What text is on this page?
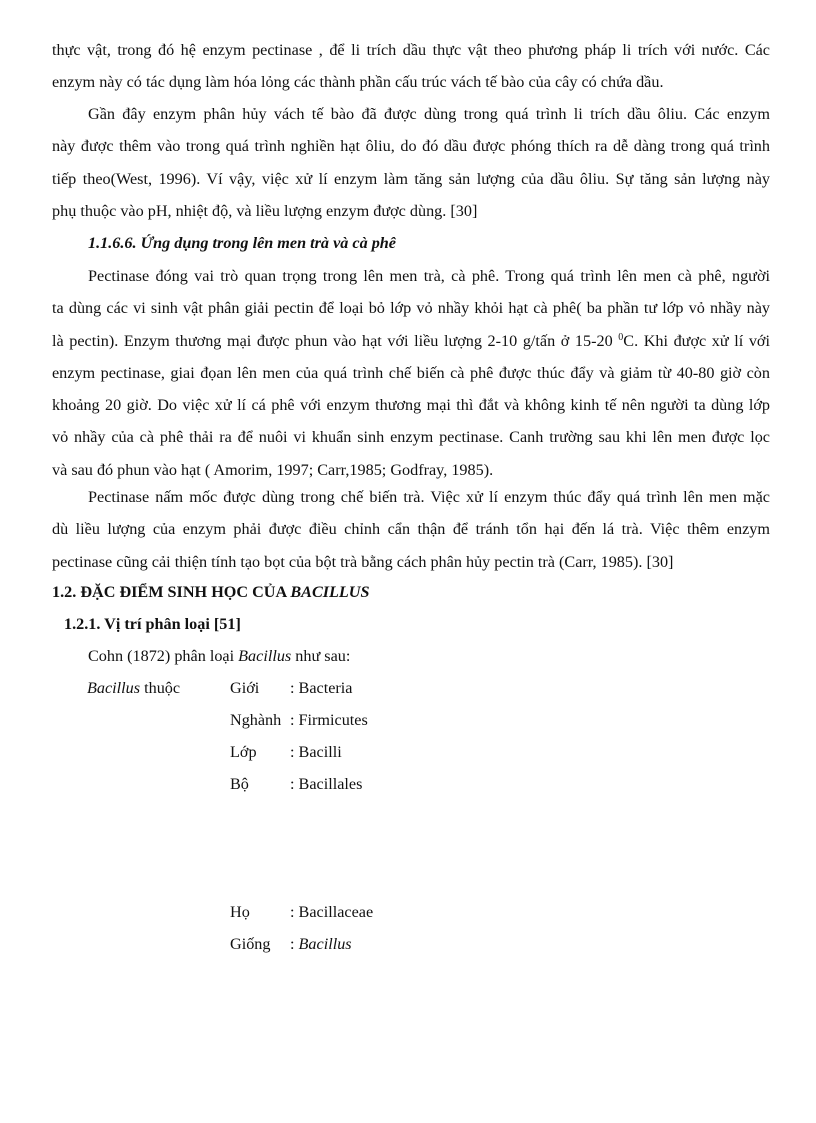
thực vật, trong đó hệ enzym pectinase , để li trích dầu thực vật theo phương pháp li trích với nước. Các
enzym này có tác dụng làm hóa lỏng các thành phần cấu trúc vách tế bào của cây có chứa dầu.

Gần đây enzym phân hủy vách tế bào đã được dùng trong quá trình li trích dầu ôliu. Các enzym
này được thêm vào trong quá trình nghiền hạt ôliu, do đó dầu được phóng thích ra dễ dàng trong quá trình
tiếp theo(West, 1996). Ví vậy, việc xử lí enzym làm tăng sản lượng của dầu ôliu. Sự tăng sản lượng này
phụ thuộc vào pH, nhiệt độ, và liều lượng enzym được dùng. [30]

1.1.6.6. Ứng dụng trong lên men trà và cà phê

Pectinase đóng vai trò quan trọng trong lên men trà, cà phê. Trong quá trình lên men cà phê, người
ta dùng các vi sinh vật phân giải pectin để loại bỏ lớp vỏ nhầy khỏi hạt cà phê( ba phần tư lớp vỏ nhầy này
là pectin). Enzym thương mại được phun vào hạt với liều lượng 2-10 g/tấn ở 15-20 $^0$C. Khi được xử lí với
enzym pectinase, giai đọan lên men của quá trình chế biến cà phê được thúc đẩy và giảm từ 40-80 giờ còn
khoảng 20 giờ. Do việc xử lí cá phê với enzym thương mại thì đắt và không kinh tế nên người ta dùng lớp
vỏ nhầy của cà phê thải ra để nuôi vi khuẩn sinh enzym pectinase. Canh trường sau khi lên men được lọc
và sau đó phun vào hạt ( Amorim, 1997; Carr,1985; Godfray, 1985).

Pectinase nấm mốc được dùng trong chế biến trà. Việc xử lí enzym thúc đẩy quá trình lên men mặc
dù liều lượng của enzym phải được điều chỉnh cẩn thận để tránh tổn hại đến lá trà. Việc thêm enzym
pectinase cũng cải thiện tính tạo bọt của bột trà bằng cách phân hủy pectin trà (Carr, 1985). [30]

1.2. ĐẶC ĐIỂM SINH HỌC CỦA BACILLUS

1.2.1. Vị trí phân loại [51]

Cohn (1872) phân loại Bacillus như sau:

Bacillus thuộc	Giới : Bacteria
Nghành : Firmicutes
Lớp : Bacilli
Bộ	: Bacillales
Họ : Bacillaceae
Giống : Bacillus
